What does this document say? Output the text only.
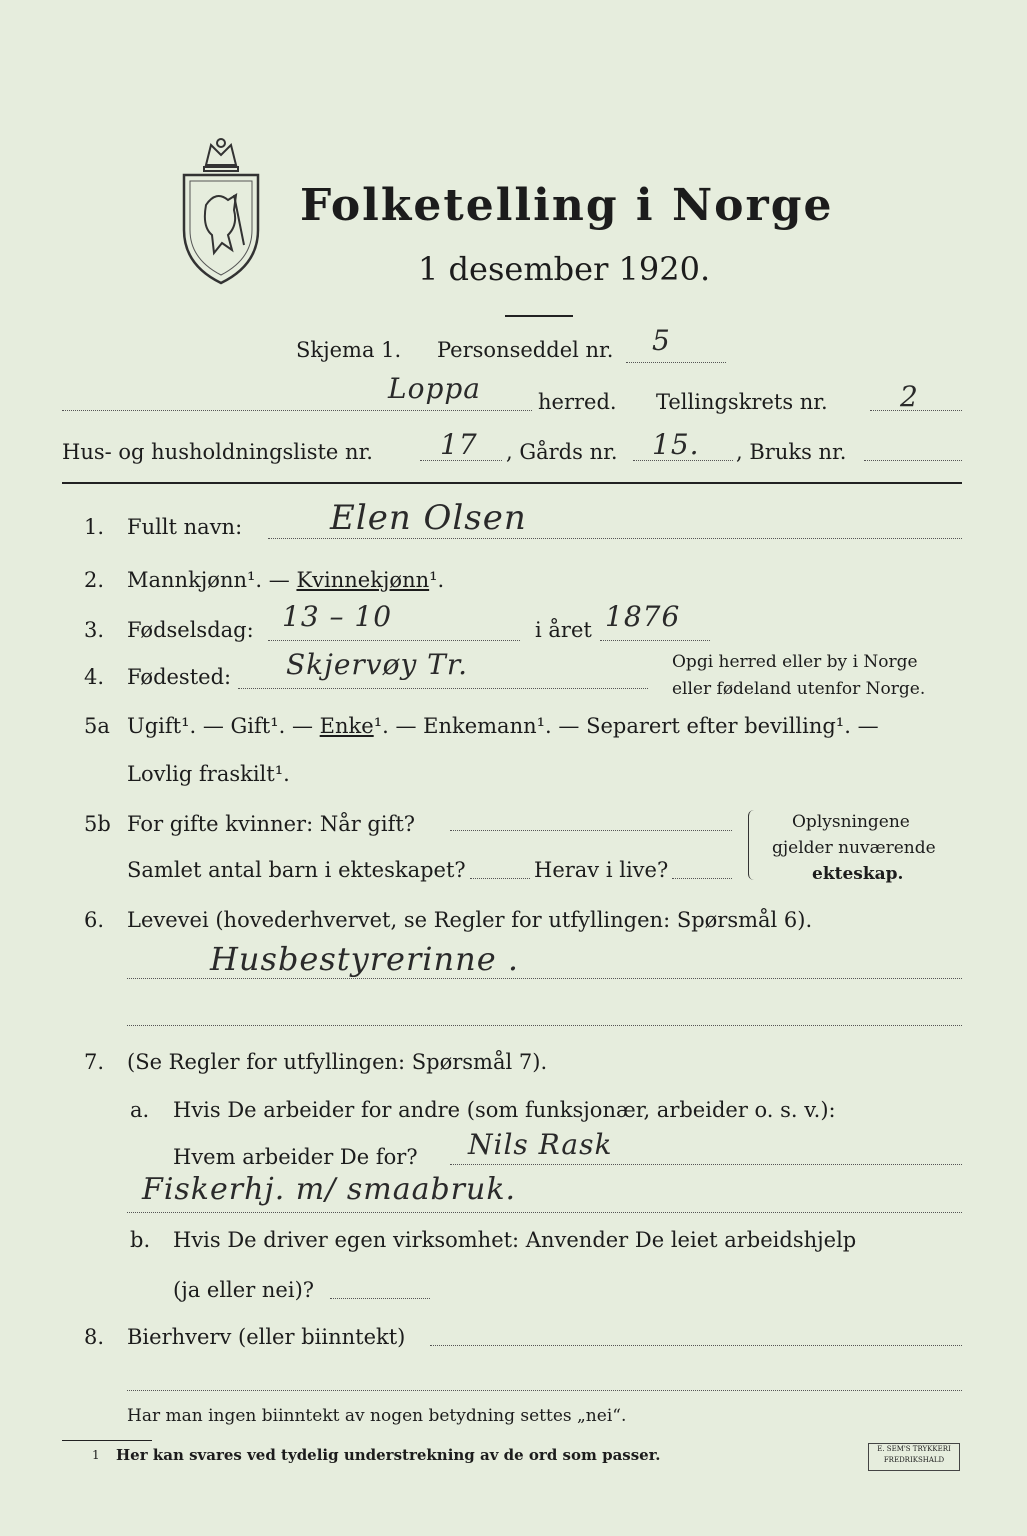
Folketelling i Norge
1 desember 1920.
Skjema 1. Personseddel nr. 5
Loppa	herred. Tellingskrets nr.	2
Hus- og husholdningsliste nr. 17 , Gårds nr. 15. , Bruks nr.
1. Fullt navn:	Elen Olsen
2. Mannkjønn¹. — Kvinnekjønn¹.
3. Fødselsdag: 13 – 10	i året 1876
4. Fødested: Skjervøy Tr.	Opgi herred eller by i Norge
eller fødeland utenfor Norge.
5a Ugift¹. — Gift¹. — Enke¹. — Enkemann¹. — Separert efter bevilling¹. —
Lovlig fraskilt¹.
5b For gifte kvinner: Når gift?
Samlet antal barn i ekteskapet?	Herav i live?
Oplysningene
gjelder nuværende
ekteskap.
6. Levevei (hovederhvervet, se Regler for utfyllingen: Spørsmål 6).
Husbestyrerinne .
7. (Se Regler for utfyllingen: Spørsmål 7).
a. Hvis De arbeider for andre (som funksjonær, arbeider o. s. v.):
Hvem arbeider De for? Nils Rask
Fiskerhj. m/ smaabruk.
b. Hvis De driver egen virksomhet: Anvender De leiet arbeidshjelp
(ja eller nei)?
8. Bierhverv (eller biinntekt)
Har man ingen biinntekt av nogen betydning settes „nei“.
1 Her kan svares ved tydelig understrekning av de ord som passer.	E. SEM'S TRYKKERI FREDRIKSHALD
